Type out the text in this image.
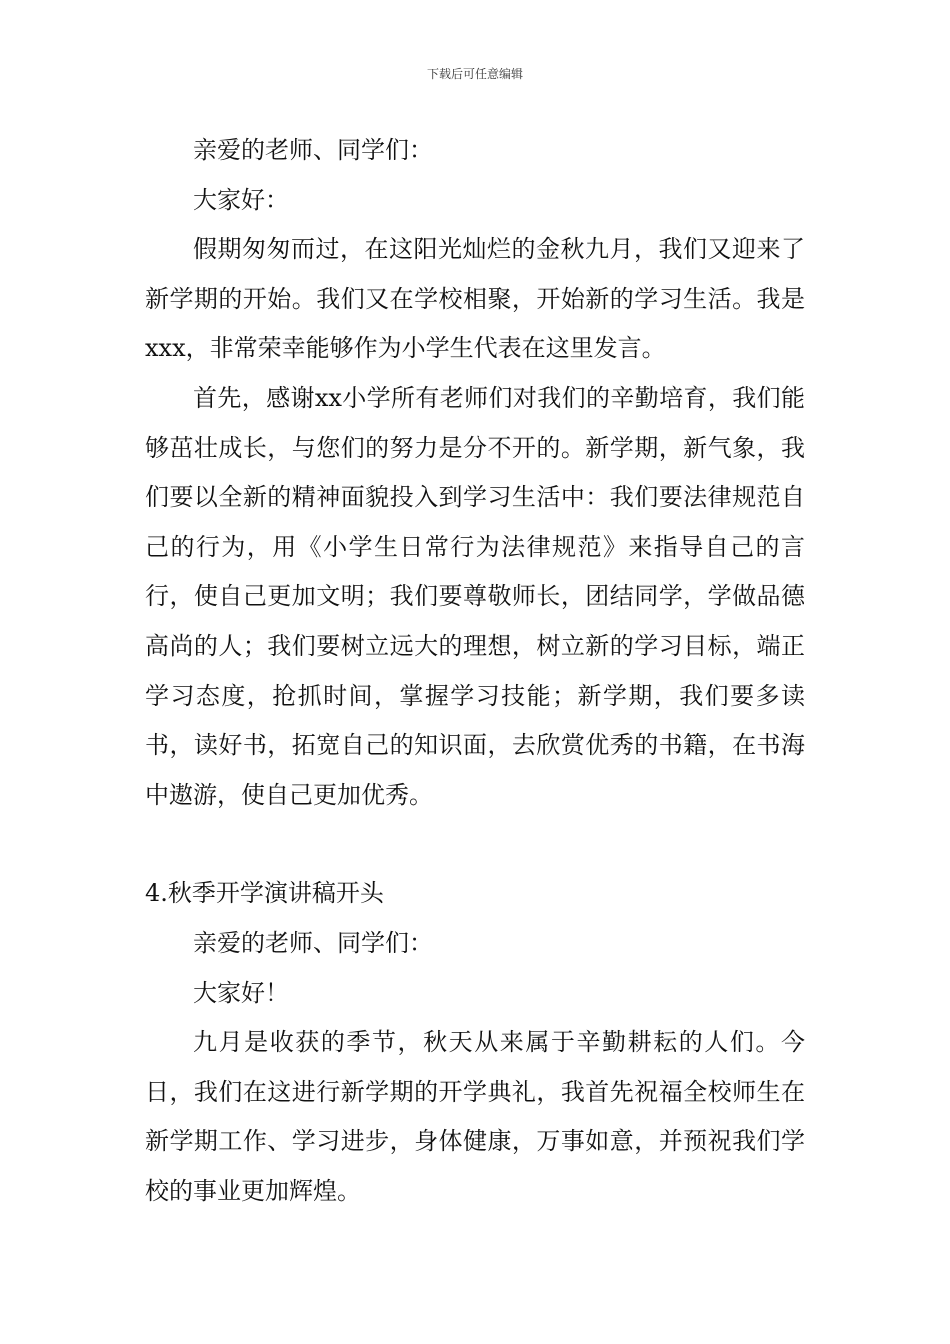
下载后可任意编辑

亲爱的老师、同学们：

大家好：

假期匆匆而过，在这阳光灿烂的金秋九月，我们又迎来了新学期的开始。我们又在学校相聚，开始新的学习生活。我是xxx，非常荣幸能够作为小学生代表在这里发言。

首先，感谢xx小学所有老师们对我们的辛勤培育，我们能够茁壮成长，与您们的努力是分不开的。新学期，新气象，我们要以全新的精神面貌投入到学习生活中：我们要法律规范自己的行为，用《小学生日常行为法律规范》来指导自己的言行，使自己更加文明；我们要尊敬师长，团结同学，学做品德高尚的人；我们要树立远大的理想，树立新的学习目标，端正学习态度，抢抓时间，掌握学习技能；新学期，我们要多读书，读好书，拓宽自己的知识面，去欣赏优秀的书籍，在书海中遨游，使自己更加优秀。

4.秋季开学演讲稿开头

亲爱的老师、同学们：

大家好！

九月是收获的季节，秋天从来属于辛勤耕耘的人们。今日，我们在这进行新学期的开学典礼，我首先祝福全校师生在新学期工作、学习进步，身体健康，万事如意，并预祝我们学校的事业更加辉煌。
